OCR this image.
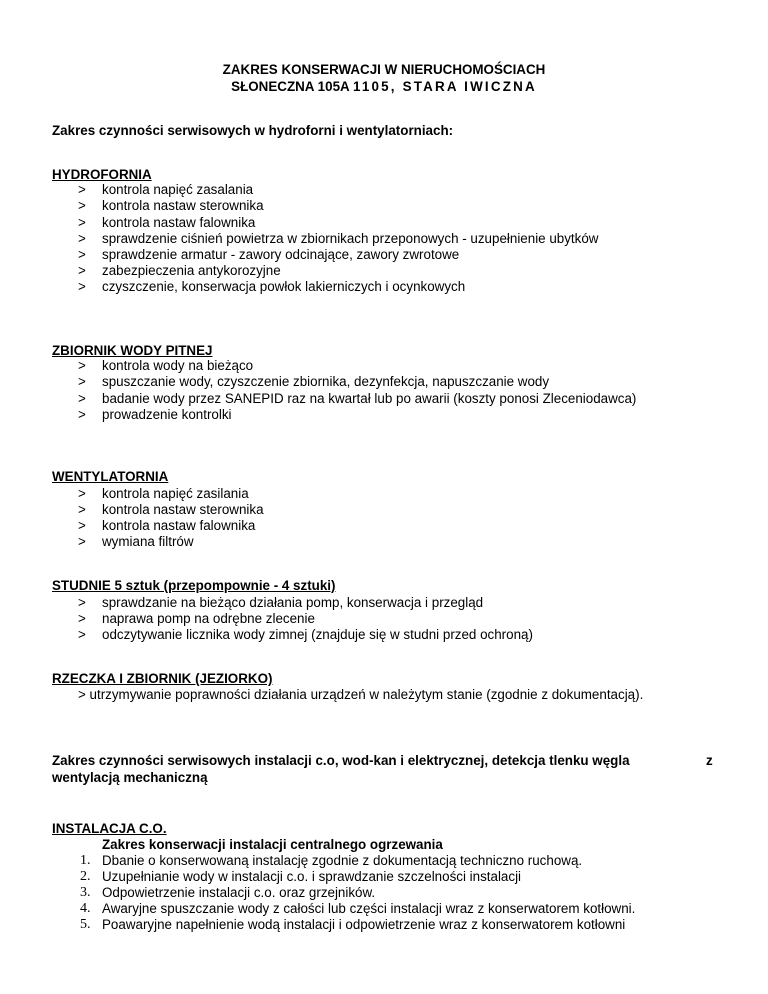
ZAKRES KONSERWACJI W NIERUCHOMOŚCIACH
SŁONECZNA 105A 1105, STARA IWICZNA
Zakres czynności serwisowych w hydroforni i wentylatorniach:
HYDROFORNIA
> kontrola napięć zasalania
> kontrola nastaw sterownika
> kontrola nastaw falownika
> sprawdzenie ciśnień powietrza w zbiornikach przeponowych - uzupełnienie ubytków
> sprawdzenie armatur - zawory odcinające, zawory zwrotowe
> zabezpieczenia antykorozyjne
> czyszczenie, konserwacja powłok lakierniczych i ocynkowych
ZBIORNIK WODY PITNEJ
> kontrola wody na bieżąco
> spuszczanie wody, czyszczenie zbiornika, dezynfekcja, napuszczanie wody
> badanie wody przez SANEPID raz na kwartał lub po awarii (koszty ponosi Zleceniodawca)
> prowadzenie kontrolki
WENTYLATORNIA
> kontrola napięć zasilania
> kontrola nastaw sterownika
> kontrola nastaw falownika
> wymiana filtrów
STUDNIE 5 sztuk (przepompownie - 4 sztuki)
> sprawdzanie na bieżąco działania pomp, konserwacja i przegląd
> naprawa pomp na odrębne zlecenie
> odczytywanie licznika wody zimnej (znajduje się w studni przed ochroną)
RZECZKA I ZBIORNIK (JEZIORKO)
> utrzymywanie poprawności działania urządzeń w należytym stanie (zgodnie z dokumentacją).
Zakres czynności serwisowych instalacji c.o, wod-kan i elektrycznej, detekcja tlenku węgla	z
wentylacją mechaniczną
INSTALACJA C.O.
Zakres konserwacji instalacji centralnego ogrzewania
1. Dbanie o konserwowaną instalację zgodnie z dokumentacją techniczno ruchową.
2. Uzupełnianie wody w instalacji c.o. i sprawdzanie szczelności instalacji
3. Odpowietrzenie instalacji c.o. oraz grzejników.
4. Awaryjne spuszczanie wody z całości lub części instalacji wraz z konserwatorem kotłowni.
5. Poawaryjne napełnienie wodą instalacji i odpowietrzenie wraz z konserwatorem kotłowni
